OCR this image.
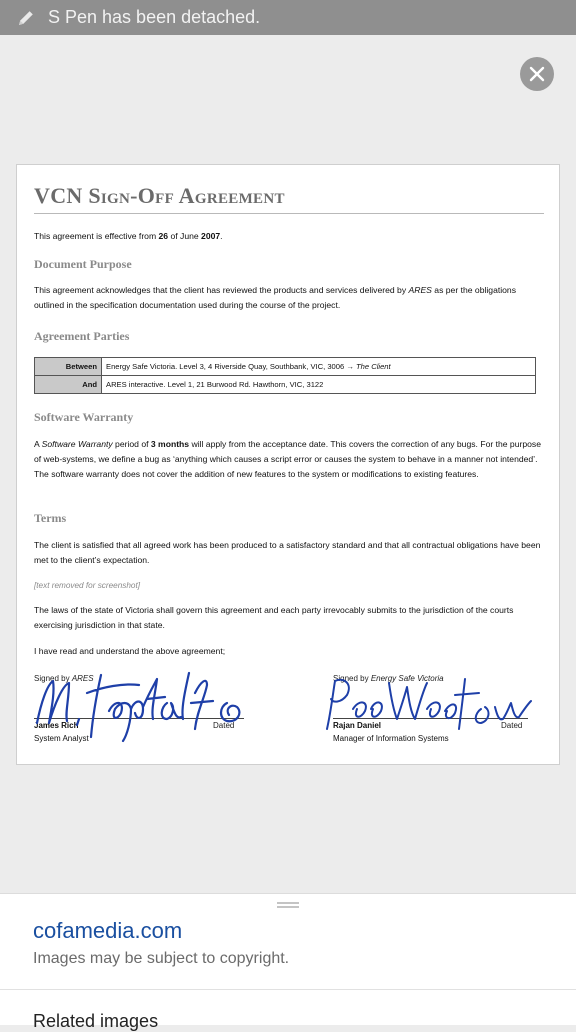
S Pen has been detached.
VCN Sign-Off Agreement
This agreement is effective from 26 of June 2007.
Document Purpose
This agreement acknowledges that the client has reviewed the products and services delivered by ARES as per the obligations outlined in the specification documentation used during the course of the project.
Agreement Parties
Between	Energy Safe Victoria. Level 3, 4 Riverside Quay, Southbank, VIC, 3006 → The Client
And	ARES interactive. Level 1, 21 Burwood Rd. Hawthorn, VIC, 3122
Software Warranty
A Software Warranty period of 3 months will apply from the acceptance date. This covers the correction of any bugs. For the purpose of web-systems, we define a bug as ‘anything which causes a script error or causes the system to behave in a manner not intended’. The software warranty does not cover the addition of new features to the system or modifications to existing features.
Terms
The client is satisfied that all agreed work has been produced to a satisfactory standard and that all contractual obligations have been met to the client’s expectation.
[text removed for screenshot]
The laws of the state of Victoria shall govern this agreement and each party irrevocably submits to the jurisdiction of the courts exercising jurisdiction in that state.
I have read and understand the above agreement;
Signed by ARES
James Rich	Dated
System Analyst
Signed by Energy Safe Victoria
Rajan Daniel	Dated
Manager of Information Systems
cofamedia.com
Images may be subject to copyright.
Related images
